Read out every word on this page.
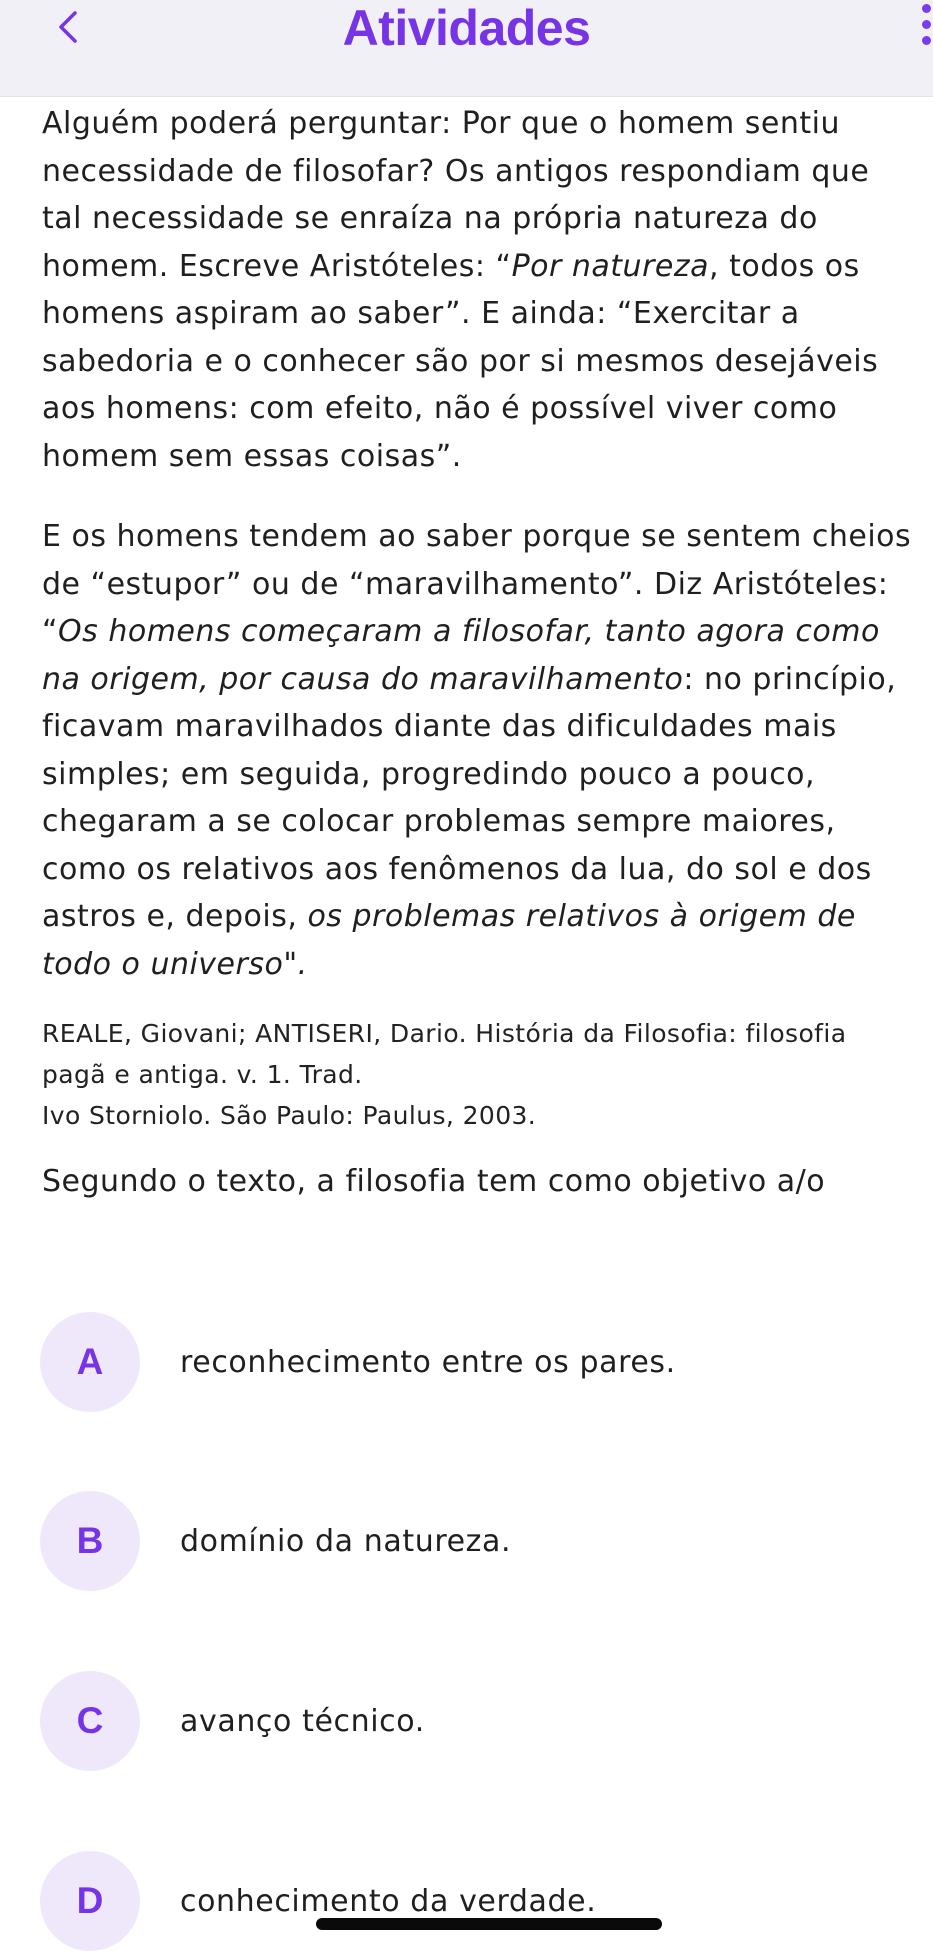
Atividades

Alguém poderá perguntar: Por que o homem sentiu necessidade de filosofar? Os antigos respondiam que tal necessidade se enraíza na própria natureza do homem. Escreve Aristóteles: “Por natureza, todos os homens aspiram ao saber”. E ainda: “Exercitar a sabedoria e o conhecer são por si mesmos desejáveis aos homens: com efeito, não é possível viver como homem sem essas coisas”.

E os homens tendem ao saber porque se sentem cheios de “estupor” ou de “maravilhamento”. Diz Aristóteles: “Os homens começaram a filosofar, tanto agora como na origem, por causa do maravilhamento: no princípio, ficavam maravilhados diante das dificuldades mais simples; em seguida, progredindo pouco a pouco, chegaram a se colocar problemas sempre maiores, como os relativos aos fenômenos da lua, do sol e dos astros e, depois, os problemas relativos à origem de todo o universo".

REALE, Giovani; ANTISERI, Dario. História da Filosofia: filosofia pagã e antiga. v. 1. Trad.
Ivo Storniolo. São Paulo: Paulus, 2003.

Segundo o texto, a filosofia tem como objetivo a/o

A	reconhecimento entre os pares.
B	domínio da natureza.
C	avanço técnico.
D	conhecimento da verdade.
